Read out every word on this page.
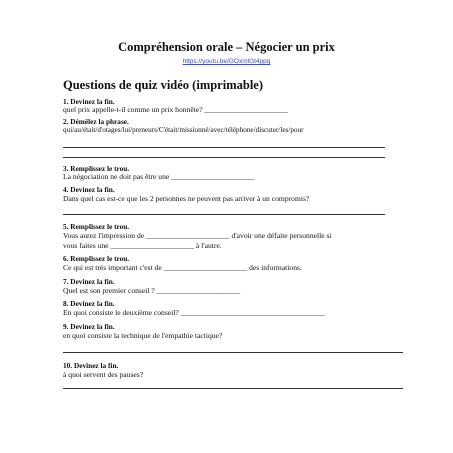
Compréhension orale – Négocier un prix
https://youtu.be/GOxmlGt4ppg
Questions de quiz vidéo (imprimable)
1. Devinez la fin.
quel prix appelle-t-il comme un prix honnête? ______________________
2. Démêlez la phrase.
qui/au/était/d'otages/lui/preneurs/C'était/missionné/avec/téléphone/discuter/les/pour
3. Remplissez le trou.
La négociation ne doit pas être une ______________________
4. Devinez la fin.
Dans quel cas est-ce que les 2 personnes ne peuvent pas arriver à un compromis?
5. Remplissez le trou.
Vous aurez l'impression de ______________________ d'avoir une défaite personnelle si
vous faites une ______________________ à l'autre.
6. Remplissez le trou.
Ce qui est très important c'est de ______________________ des informations.
7. Devinez la fin.
Quel est son premier conseil ? ______________________
8. Devinez la fin.
En quoi consiste le deuxième conseil? ______________________________________
9. Devinez la fin.
en quoi consiste la technique de l'empathie tactique?
10. Devinez la fin.
à quoi servent des pauses?
